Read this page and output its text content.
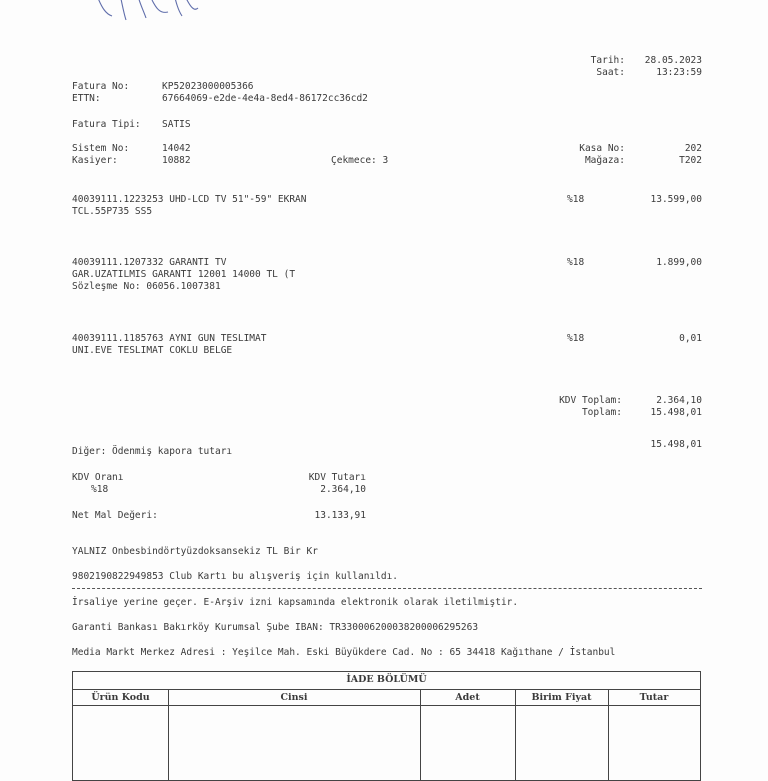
Tarih:	28.05.2023
Saat:	13:23:59
Fatura No:	KP52023000005366
ETTN:	67664069-e2de-4e4a-8ed4-86172cc36cd2
Fatura Tipi: SATIS
Sistem No:	14042
Kasiyer:	10882	Çekmece: 3
Kasa No:	202
Mağaza:	T202
40039111.1223253 UHD-LCD TV 51"-59" EKRAN
TCL.55P735 SS5
%18	13.599,00
40039111.1207332 GARANTI TV
GAR.UZATILMIS GARANTI 12001 14000 TL (T
Sözleşme No: 06056.1007381
%18	1.899,00
40039111.1185763 AYNI GUN TESLIMAT
UNI.EVE TESLIMAT COKLU BELGE
%18	0,01
KDV Toplam:	2.364,10
Toplam:	15.498,01
15.498,01
Diğer: Ödenmiş kapora tutarı
KDV Oranı	KDV Tutarı
%18	2.364,10
Net Mal Değeri:	13.133,91
YALNIZ Onbesbindörtyüzdoksansekiz TL Bir Kr
9802190822949853 Club Kartı bu alışveriş için kullanıldı.
İrsaliye yerine geçer. E-Arşiv izni kapsamında elektronik olarak iletilmiştir.
Garanti Bankası Bakırköy Kurumsal Şube IBAN: TR330006200038200006295263
Media Markt Merkez Adresi : Yeşilce Mah. Eski Büyükdere Cad. No : 65 34418 Kağıthane / İstanbul
İADE BÖLÜMÜ
Ürün Kodu	Cinsi	Adet	Birim Fiyat	Tutar
